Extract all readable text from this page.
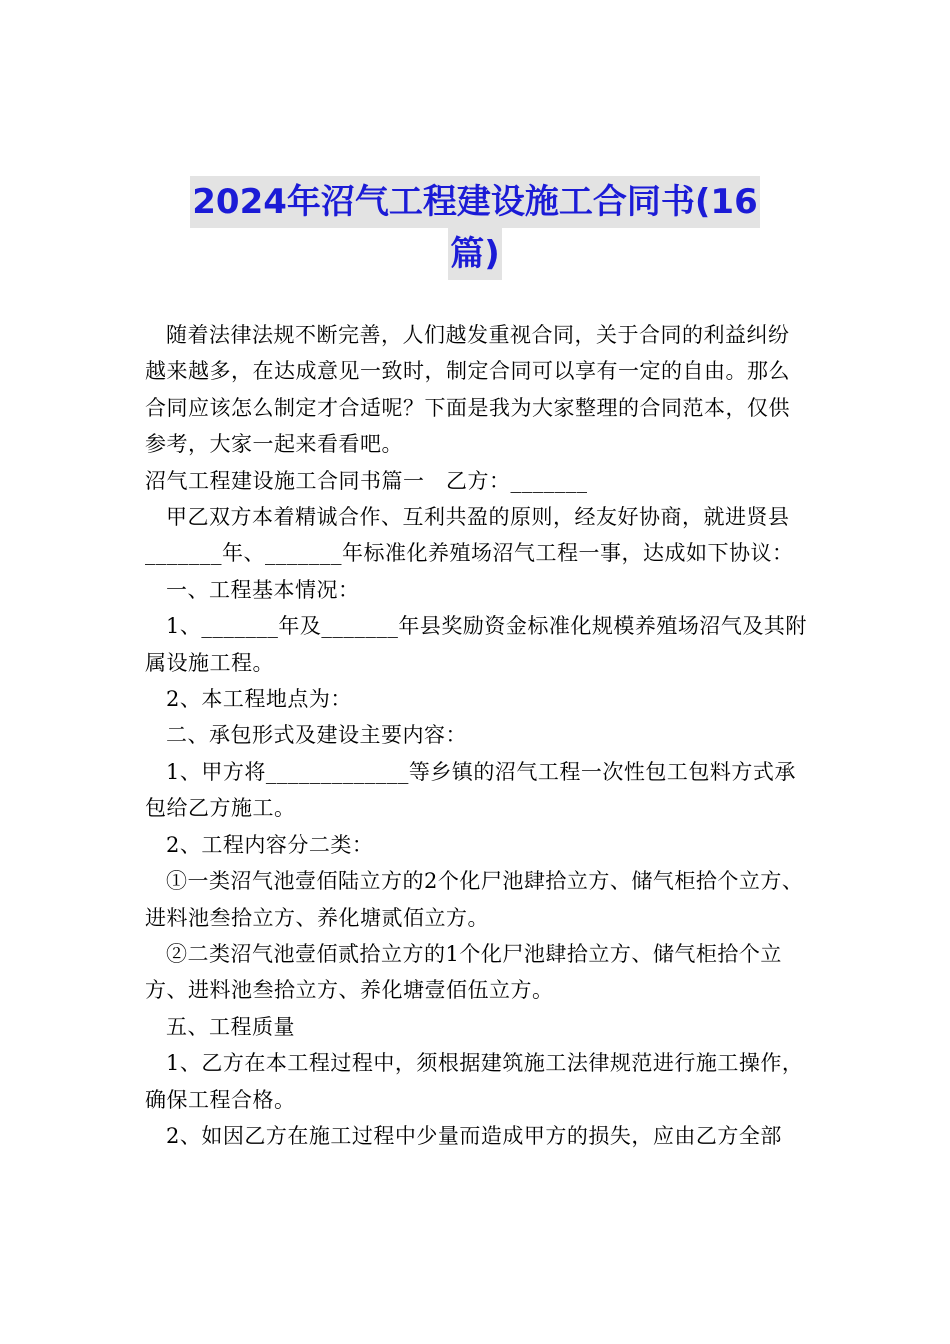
2024年沼气工程建设施工合同书(16
篇)

随着法律法规不断完善，人们越发重视合同，关于合同的利益纠纷越来越多，在达成意见一致时，制定合同可以享有一定的自由。那么合同应该怎么制定才合适呢？下面是我为大家整理的合同范本，仅供参考，大家一起来看看吧。

沼气工程建设施工合同书篇一　乙方：_______

甲乙双方本着精诚合作、互利共盈的原则，经友好协商，就进贤县_______年、_______年标准化养殖场沼气工程一事，达成如下协议：

一、工程基本情况：

1、_______年及_______年县奖励资金标准化规模养殖场沼气及其附属设施工程。

2、本工程地点为：

二、承包形式及建设主要内容：

1、甲方将_____________等乡镇的沼气工程一次性包工包料方式承包给乙方施工。

2、工程内容分二类：

①一类沼气池壹佰陆立方的2个化尸池肆拾立方、储气柜拾个立方、进料池叁拾立方、养化塘贰佰立方。

②二类沼气池壹佰贰拾立方的1个化尸池肆拾立方、储气柜拾个立方、进料池叁拾立方、养化塘壹佰伍立方。

五、工程质量

1、乙方在本工程过程中，须根据建筑施工法律规范进行施工操作，确保工程合格。

2、如因乙方在施工过程中少量而造成甲方的损失，应由乙方全部
